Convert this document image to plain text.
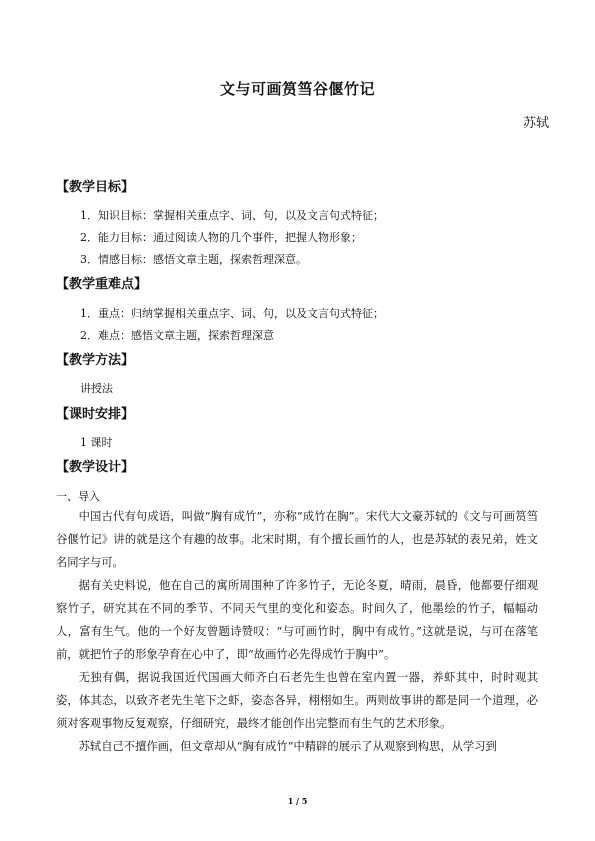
文与可画筼筜谷偃竹记
苏轼
【教学目标】
1．知识目标：掌握相关重点字、词、句，以及文言句式特征；
2．能力目标：通过阅读人物的几个事件，把握人物形象；
3．情感目标：感悟文章主题，探索哲理深意。
【教学重难点】
1．重点：归纳掌握相关重点字、词、句，以及文言句式特征；
2．难点：感悟文章主题，探索哲理深意
【教学方法】
讲授法
【课时安排】
1 课时
【教学设计】
一、导入
中国古代有句成语，叫做“胸有成竹”，亦称“成竹在胸”。宋代大文豪苏轼的《文与可画筼筜谷偃竹记》讲的就是这个有趣的故事。北宋时期，有个擅长画竹的人，也是苏轼的表兄弟，姓文名同字与可。
据有关史料说，他在自己的寓所周围种了许多竹子，无论冬夏，晴雨，晨昏，他都要仔细观察竹子，研究其在不同的季节、不同天气里的变化和姿态。时间久了，他墨绘的竹子，幅幅动人，富有生气。他的一个好友曾题诗赞叹：“与可画竹时，胸中有成竹。”这就是说，与可在落笔前，就把竹子的形象孕育在心中了，即“故画竹必先得成竹于胸中”。
无独有偶，据说我国近代国画大师齐白石老先生也曾在室内置一器，养虾其中，时时观其姿，体其态，以致齐老先生笔下之虾，姿态各异，栩栩如生。两则故事讲的都是同一个道理，必须对客观事物反复观察，仔细研究，最终才能创作出完整而有生气的艺术形象。
苏轼自己不擅作画，但文章却从“胸有成竹”中精辟的展示了从观察到构思，从学习到
1 / 5
